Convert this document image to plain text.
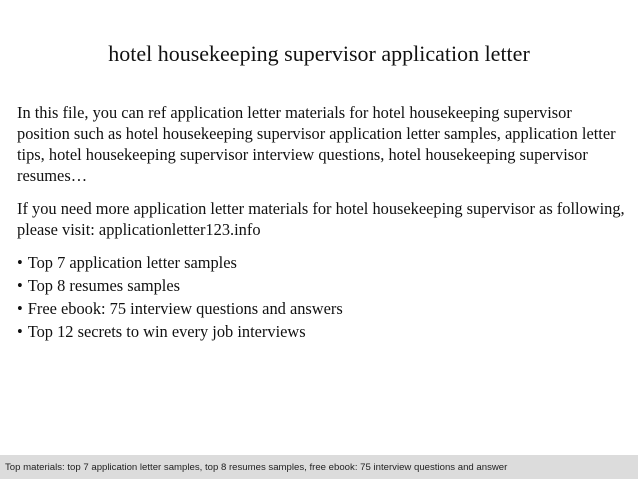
hotel housekeeping supervisor application letter

In this file, you can ref application letter materials for hotel housekeeping supervisor position such as hotel housekeeping supervisor application letter samples, application letter tips, hotel housekeeping supervisor interview questions, hotel housekeeping supervisor resumes…

If you need more application letter materials for hotel housekeeping supervisor as following, please visit: applicationletter123.info

• Top 7 application letter samples
• Top 8 resumes samples
• Free ebook: 75 interview questions and answers
• Top 12 secrets to win every job interviews
Top materials: top 7 application letter samples, top 8 resumes samples, free ebook: 75 interview questions and answer
